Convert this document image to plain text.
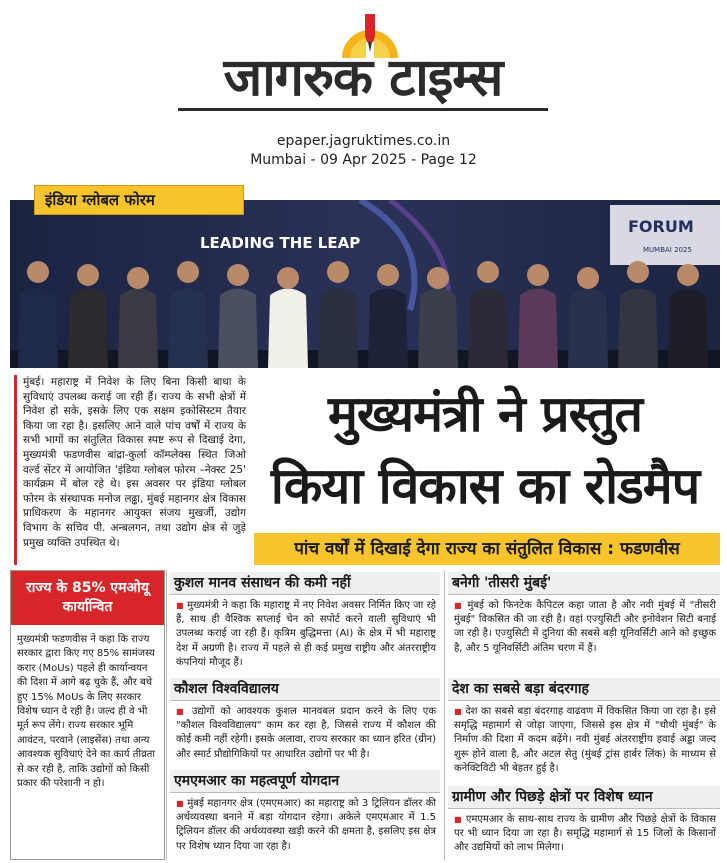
जागरुक टाइम्स
epaper.jagruktimes.co.in
Mumbai - 09 Apr 2025 - Page 12
LEADING THE LEAP
FORUM
MUMBAI 2025
इंडिया ग्लोबल फोरम
मुंबई। महाराष्ट्र में निवेश के लिए बिना किसी बाधा के सुविधाएं उपलब्ध कराई जा रही हैं। राज्य के सभी क्षेत्रों में निवेश हो सके, इसके लिए एक सक्षम इकोसिस्टम तैयार किया जा रहा है। इसलिए आने वाले पांच वर्षों में राज्य के सभी भागों का संतुलित विकास स्पष्ट रूप से दिखाई देगा, मुख्यमंत्री फडणवीस बांद्रा-कुर्ला कॉम्प्लेक्स स्थित जिओ वर्ल्ड सेंटर में आयोजित 'इंडिया ग्लोबल फोरम –नेक्स्ट 25' कार्यक्रम में बोल रहे थे। इस अवसर पर इंडिया ग्लोबल फोरम के संस्थापक मनोज लढ्ढा, मुंबई महानगर क्षेत्र विकास प्राधिकरण के महानगर आयुक्त संजय मुखर्जी, उद्योग विभाग के सचिव पी. अन्बलगन, तथा उद्योग क्षेत्र से जुड़े प्रमुख व्यक्ति उपस्थित थे।
मुख्यमंत्री ने प्रस्तुत
किया विकास का रोडमैप
पांच वर्षों में दिखाई देगा राज्य का संतुलित विकास : फडणवीस
राज्य के 85% एमओयू कार्यान्वित
मुख्यमंत्री फडणवीस ने कहा कि राज्य सरकार द्वारा किए गए 85% सामंजस्य करार (MoUs) पहले ही कार्यान्वयन की दिशा में आगे बढ़ चुके हैं, और बचे हुए 15% MoUs के लिए सरकार विशेष ध्यान दे रही है। जल्द ही वे भी मूर्त रूप लेंगे। राज्य सरकार भूमि आवंटन, परवाने (लाइसेंस) तथा अन्य आवश्यक सुविधाएं देने का कार्य तीव्रता से कर रही है, ताकि उद्योगों को किसी प्रकार की परेशानी न हो।
कुशल मानव संसाधन की कमी नहीं
■ मुख्यमंत्री ने कहा कि महाराष्ट्र में नए निवेश अवसर निर्मित किए जा रहे हैं, साथ ही वैश्विक सप्लाई चेन को सपोर्ट करने वाली सुविधाएं भी उपलब्ध कराई जा रही हैं। कृत्रिम बुद्धिमत्ता (AI) के क्षेत्र में भी महाराष्ट्र देश में अग्रणी है। राज्य में पहले से ही कई प्रमुख राष्ट्रीय और अंतरराष्ट्रीय कंपनियां मौजूद हैं।
कौशल विश्वविद्यालय
■ उद्योगों को आवश्यक कुशल मानवबल प्रदान करने के लिए एक "कौशल विश्वविद्यालय" काम कर रहा है, जिससे राज्य में कौशल की कोई कमी नहीं रहेगी। इसके अलावा, राज्य सरकार का ध्यान हरित (ग्रीन) और स्मार्ट प्रौद्योगिकियों पर आधारित उद्योगों पर भी है।
एमएमआर का महत्वपूर्ण योगदान
■ मुंबई महानगर क्षेत्र (एमएमआर) का महाराष्ट्र को 3 ट्रिलियन डॉलर की अर्थव्यवस्था बनाने में बड़ा योगदान रहेगा। अकेले एमएमआर में 1.5 ट्रिलियन डॉलर की अर्थव्यवस्था खड़ी करने की क्षमता है, इसलिए इस क्षेत्र पर विशेष ध्यान दिया जा रहा है।
बनेगी 'तीसरी मुंबई'
■ मुंबई को फिनटेक कैपिटल कहा जाता है और नवी मुंबई में "तीसरी मुंबई" विकसित की जा रही है। वहां एज्युसिटी और इनोवेशन सिटी बनाई जा रही है। एज्युसिटी में दुनिया की सबसे बड़ी यूनिवर्सिटी आने को इच्छुक है, और 5 यूनिवर्सिटी अंतिम चरण में हैं।
देश का सबसे बड़ा बंदरगाह
■ देश का सबसे बड़ा बंदरगाह वाढवण में विकसित किया जा रहा है। इसे समृद्धि महामार्ग से जोड़ा जाएगा, जिससे इस क्षेत्र में "चौथी मुंबई" के निर्माण की दिशा में कदम बढ़ेंगे। नवी मुंबई अंतरराष्ट्रीय हवाई अड्डा जल्द शुरू होने वाला है, और अटल सेतु (मुंबई ट्रांस हार्बर लिंक) के माध्यम से कनेक्टिविटी भी बेहतर हुई है।
ग्रामीण और पिछड़े क्षेत्रों पर विशेष ध्यान
■ एमएमआर के साथ-साथ राज्य के ग्रामीण और पिछड़े क्षेत्रों के विकास पर भी ध्यान दिया जा रहा है। समृद्धि महामार्ग से 15 जिलों के किसानों और उद्यमियों को लाभ मिलेगा।
